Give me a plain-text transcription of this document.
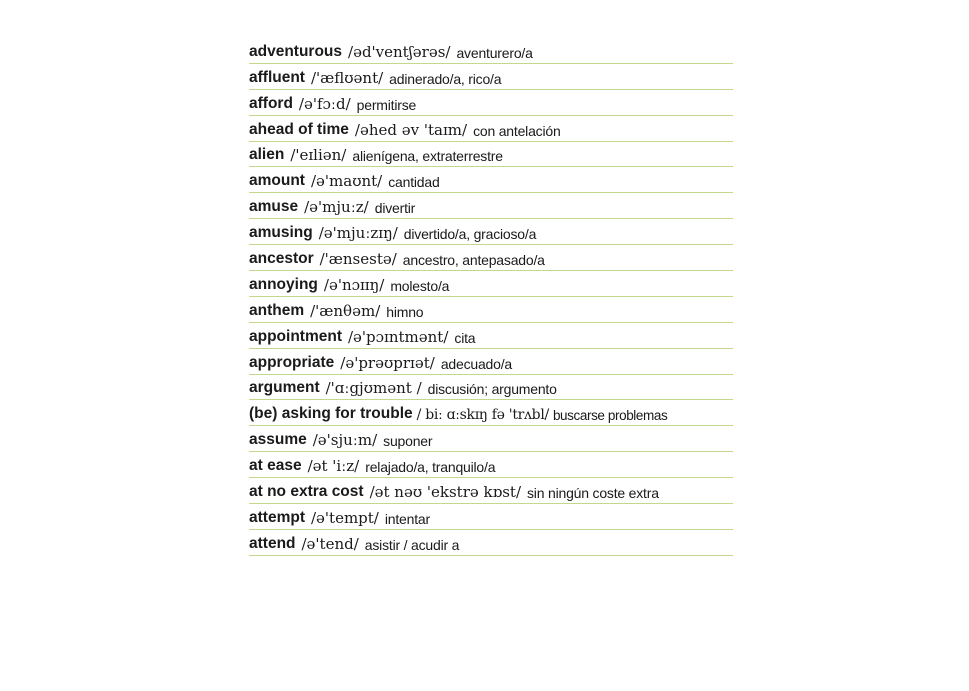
adventurous /əd'ventʃərəs/ aventurero/a
affluent /'æflʊənt/ adinerado/a, rico/a
afford /ə'fɔːd/ permitirse
ahead of time /əhed əv 'taɪm/ con antelación
alien /'eɪliən/ alienígena, extraterrestre
amount /ə'maʊnt/ cantidad
amuse /ə'mjuːz/ divertir
amusing /ə'mjuːzɪŋ/ divertido/a, gracioso/a
ancestor /'ænsestə/ ancestro, antepasado/a
annoying /ə'nɔɪɪŋ/ molesto/a
anthem /'ænθəm/ himno
appointment /ə'pɔɪntmənt/ cita
appropriate /ə'prəʊprɪət/ adecuado/a
argument /'ɑːgjʊmənt / discusión; argumento
(be) asking for trouble / biː ɑːskɪŋ fə 'trʌbl/ buscarse problemas
assume /ə'sjuːm/ suponer
at ease /ət 'iːz/ relajado/a, tranquilo/a
at no extra cost /ət nəʊ 'ekstrə kɒst/ sin ningún coste extra
attempt /ə'tempt/ intentar
attend /ə'tend/ asistir / acudir a
